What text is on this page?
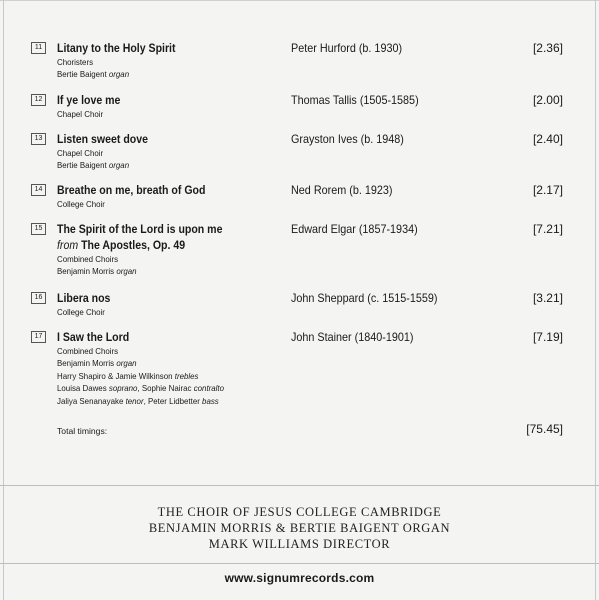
11	Litany to the Holy Spirit	Peter Hurford (b. 1930)	[2.36]
Choristers
Bertie Baigent organ
12	If ye love me	Thomas Tallis (1505-1585)	[2.00]
Chapel Choir
13	Listen sweet dove	Grayston Ives (b. 1948)	[2.40]
Chapel Choir
Bertie Baigent organ
14	Breathe on me, breath of God	Ned Rorem (b. 1923)	[2.17]
College Choir
15	The Spirit of the Lord is upon me
from The Apostles, Op. 49
Edward Elgar (1857-1934)	[7.21]
Combined Choirs
Benjamin Morris organ
16	Libera nos	John Sheppard (c. 1515-1559)	[3.21]
College Choir
17	I Saw the Lord	John Stainer (1840-1901)	[7.19]
Combined Choirs
Benjamin Morris organ
Harry Shapiro & Jamie Wilkinson trebles
Louisa Dawes soprano, Sophie Nairac contralto
Jaliya Senanayake tenor, Peter Lidbetter bass
Total timings:	[75.45]
THE CHOIR OF JESUS COLLEGE CAMBRIDGE
BENJAMIN MORRIS & BERTIE BAIGENT ORGAN
MARK WILLIAMS DIRECTOR
www.signumrecords.com
